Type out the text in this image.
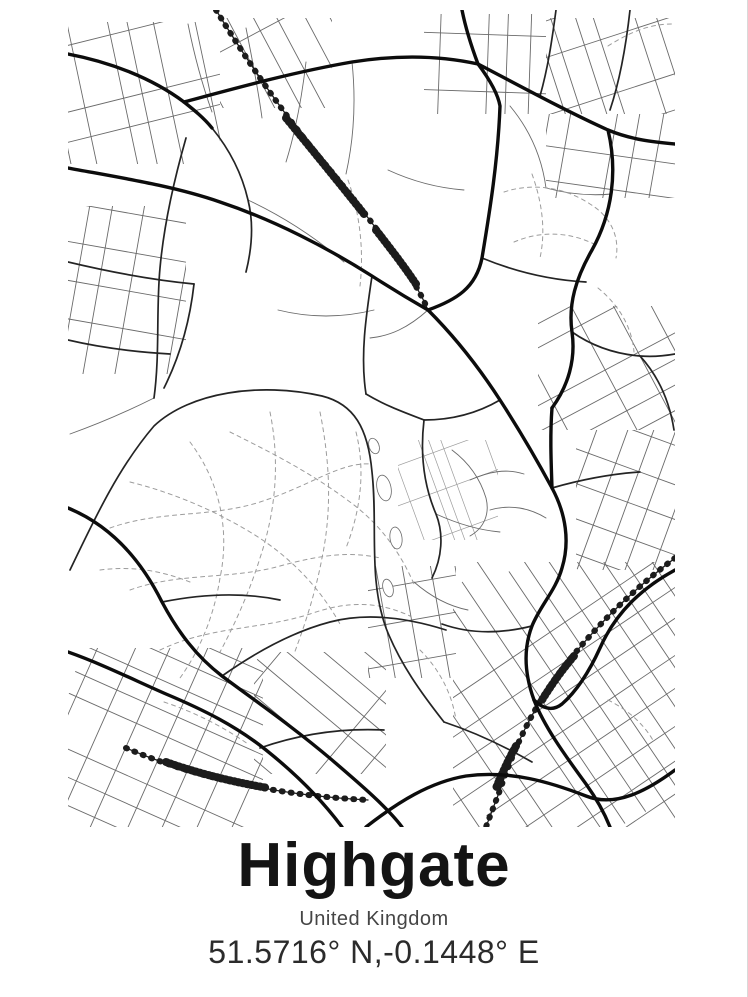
Highgate
United Kingdom
51.5716° N,-0.1448° E
